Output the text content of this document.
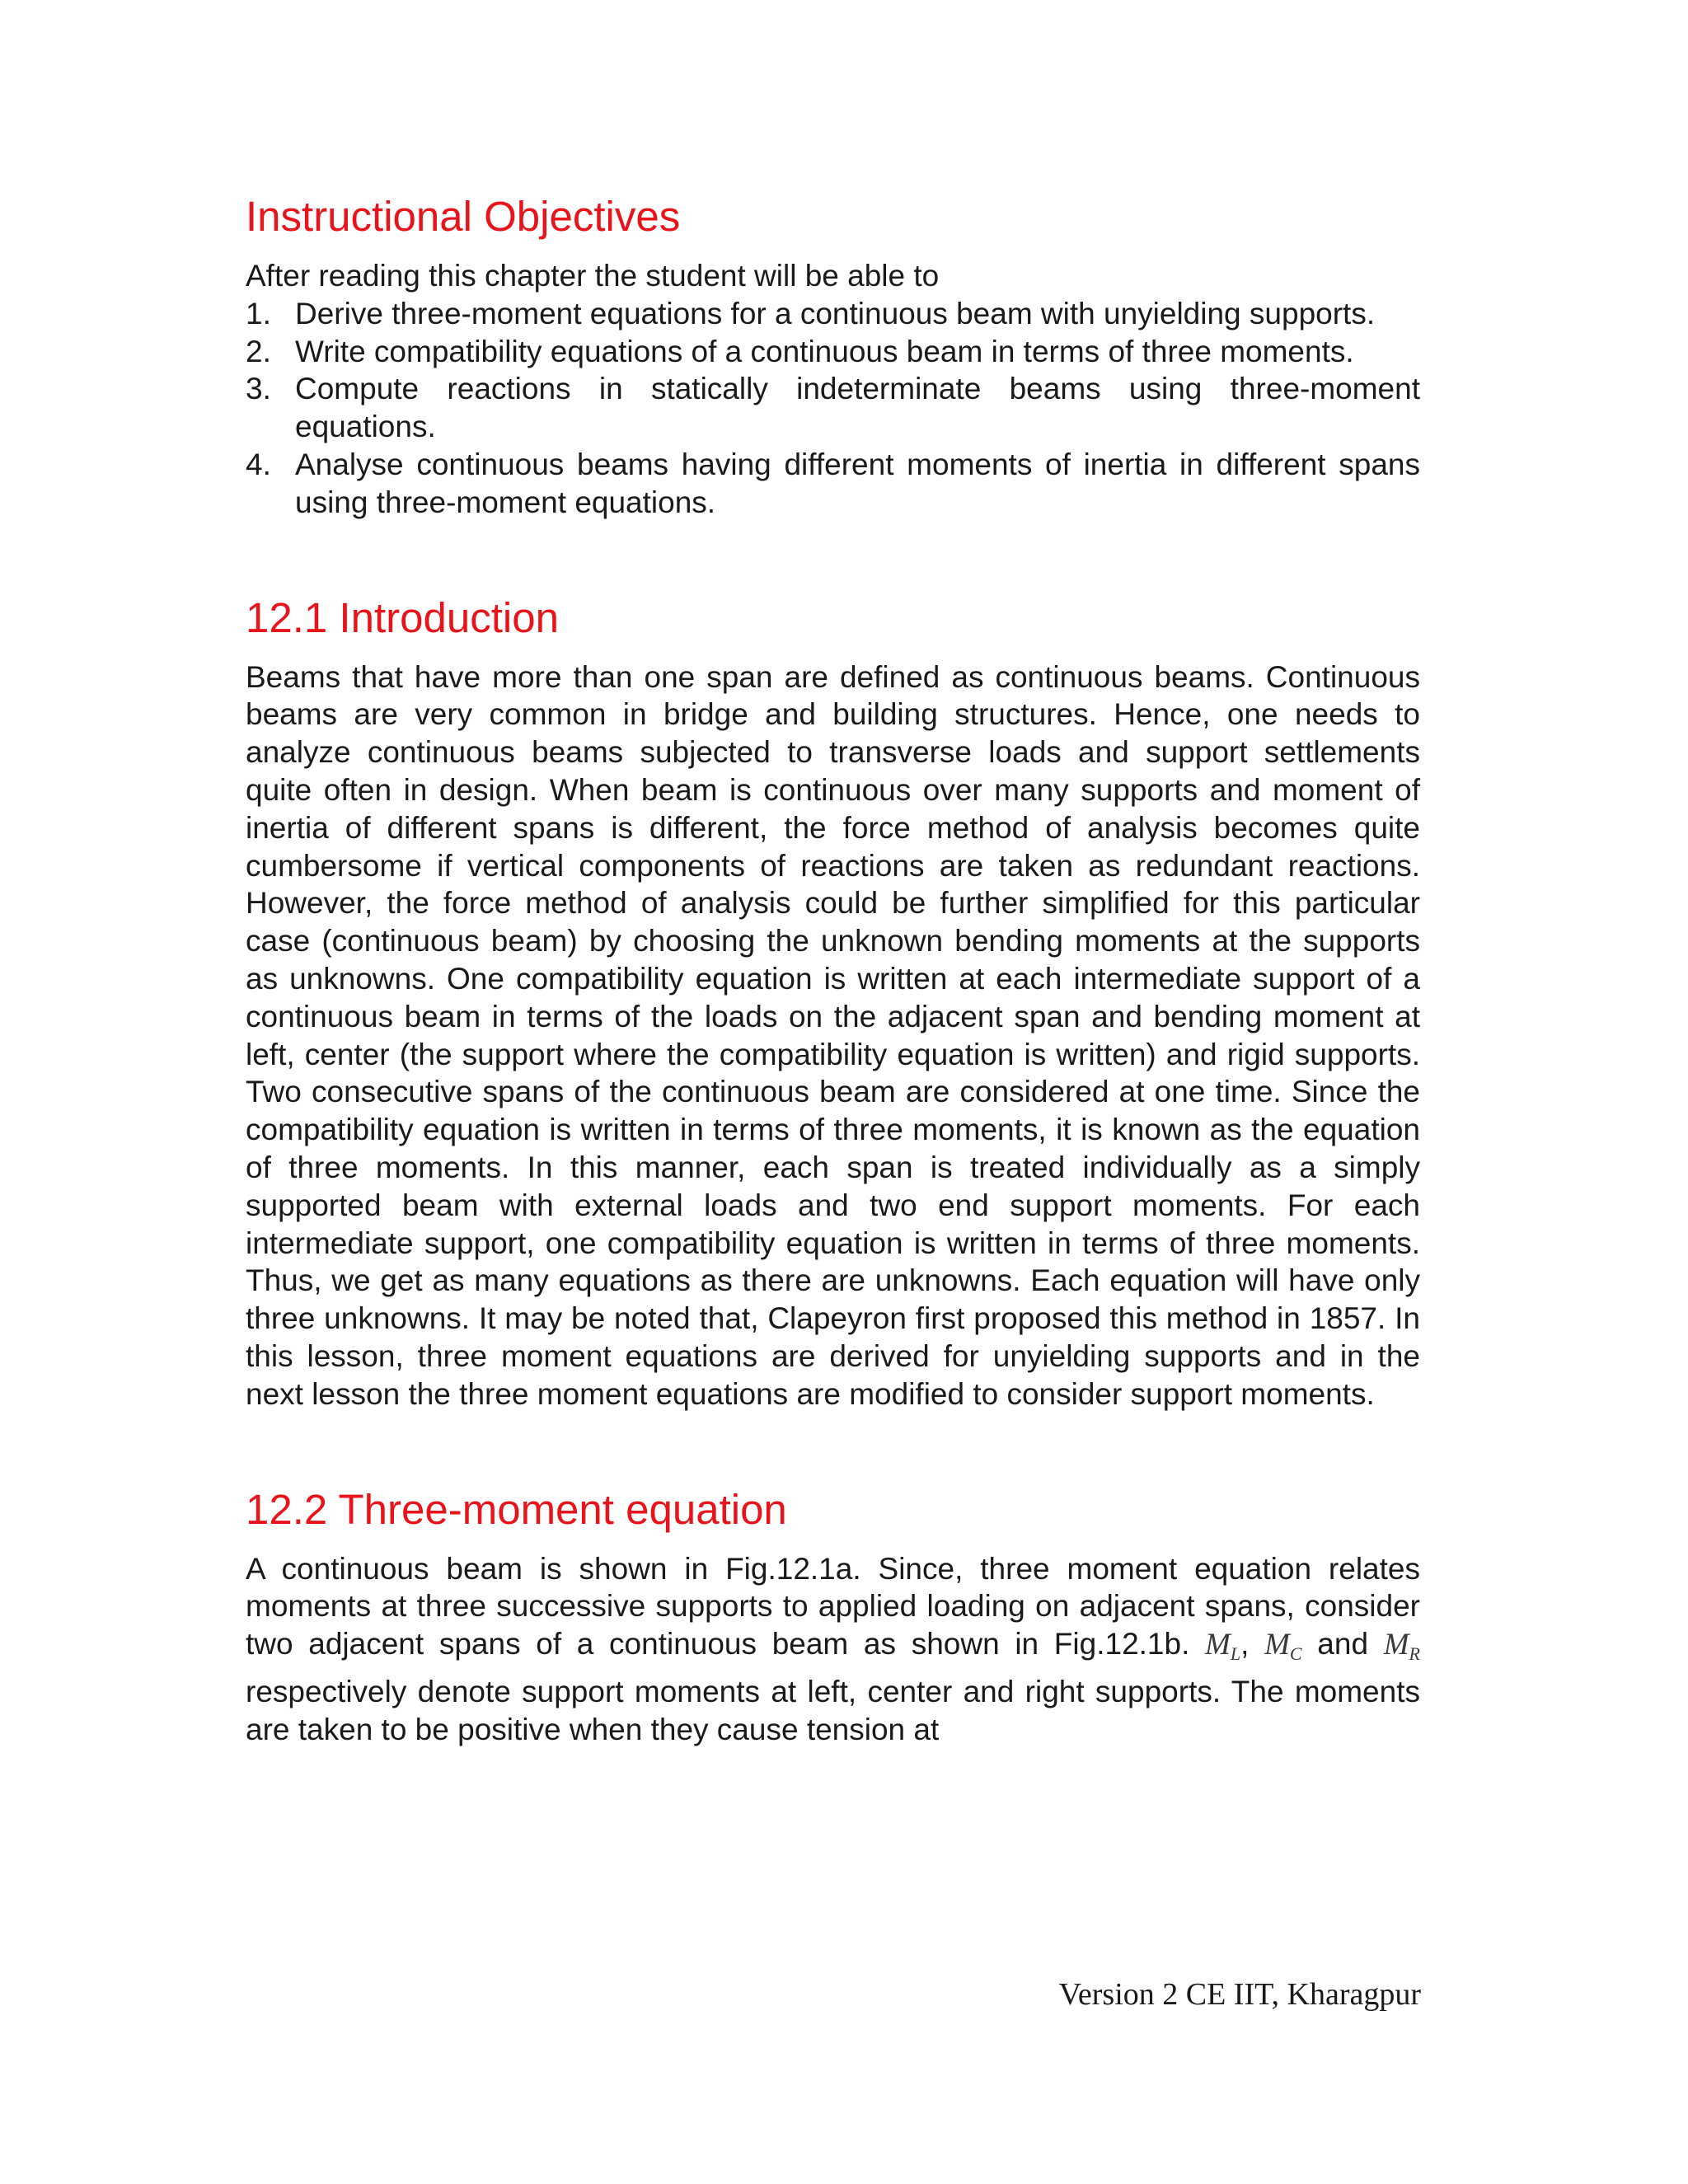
Instructional Objectives

After reading this chapter the student will be able to

1. Derive three-moment equations for a continuous beam with unyielding supports.
2. Write compatibility equations of a continuous beam in terms of three moments.
3. Compute reactions in statically indeterminate beams using three-moment equations.
4. Analyse continuous beams having different moments of inertia in different spans using three-moment equations.
12.1 Introduction

Beams that have more than one span are defined as continuous beams. Continuous beams are very common in bridge and building structures. Hence, one needs to analyze continuous beams subjected to transverse loads and support settlements quite often in design. When beam is continuous over many supports and moment of inertia of different spans is different, the force method of analysis becomes quite cumbersome if vertical components of reactions are taken as redundant reactions. However, the force method of analysis could be further simplified for this particular case (continuous beam) by choosing the unknown bending moments at the supports as unknowns. One compatibility equation is written at each intermediate support of a continuous beam in terms of the loads on the adjacent span and bending moment at left, center (the support where the compatibility equation is written) and rigid supports. Two consecutive spans of the continuous beam are considered at one time. Since the compatibility equation is written in terms of three moments, it is known as the equation of three moments. In this manner, each span is treated individually as a simply supported beam with external loads and two end support moments. For each intermediate support, one compatibility equation is written in terms of three moments. Thus, we get as many equations as there are unknowns. Each equation will have only three unknowns. It may be noted that, Clapeyron first proposed this method in 1857. In this lesson, three moment equations are derived for unyielding supports and in the next lesson the three moment equations are modified to consider support moments.

12.2 Three-moment equation

A continuous beam is shown in Fig.12.1a. Since, three moment equation relates moments at three successive supports to applied loading on adjacent spans, consider two adjacent spans of a continuous beam as shown in Fig.12.1b. $M_L$, $M_C$ and $M_R$ respectively denote support moments at left, center and right supports. The moments are taken to be positive when they cause tension at

Version 2 CE IIT, Kharagpur
